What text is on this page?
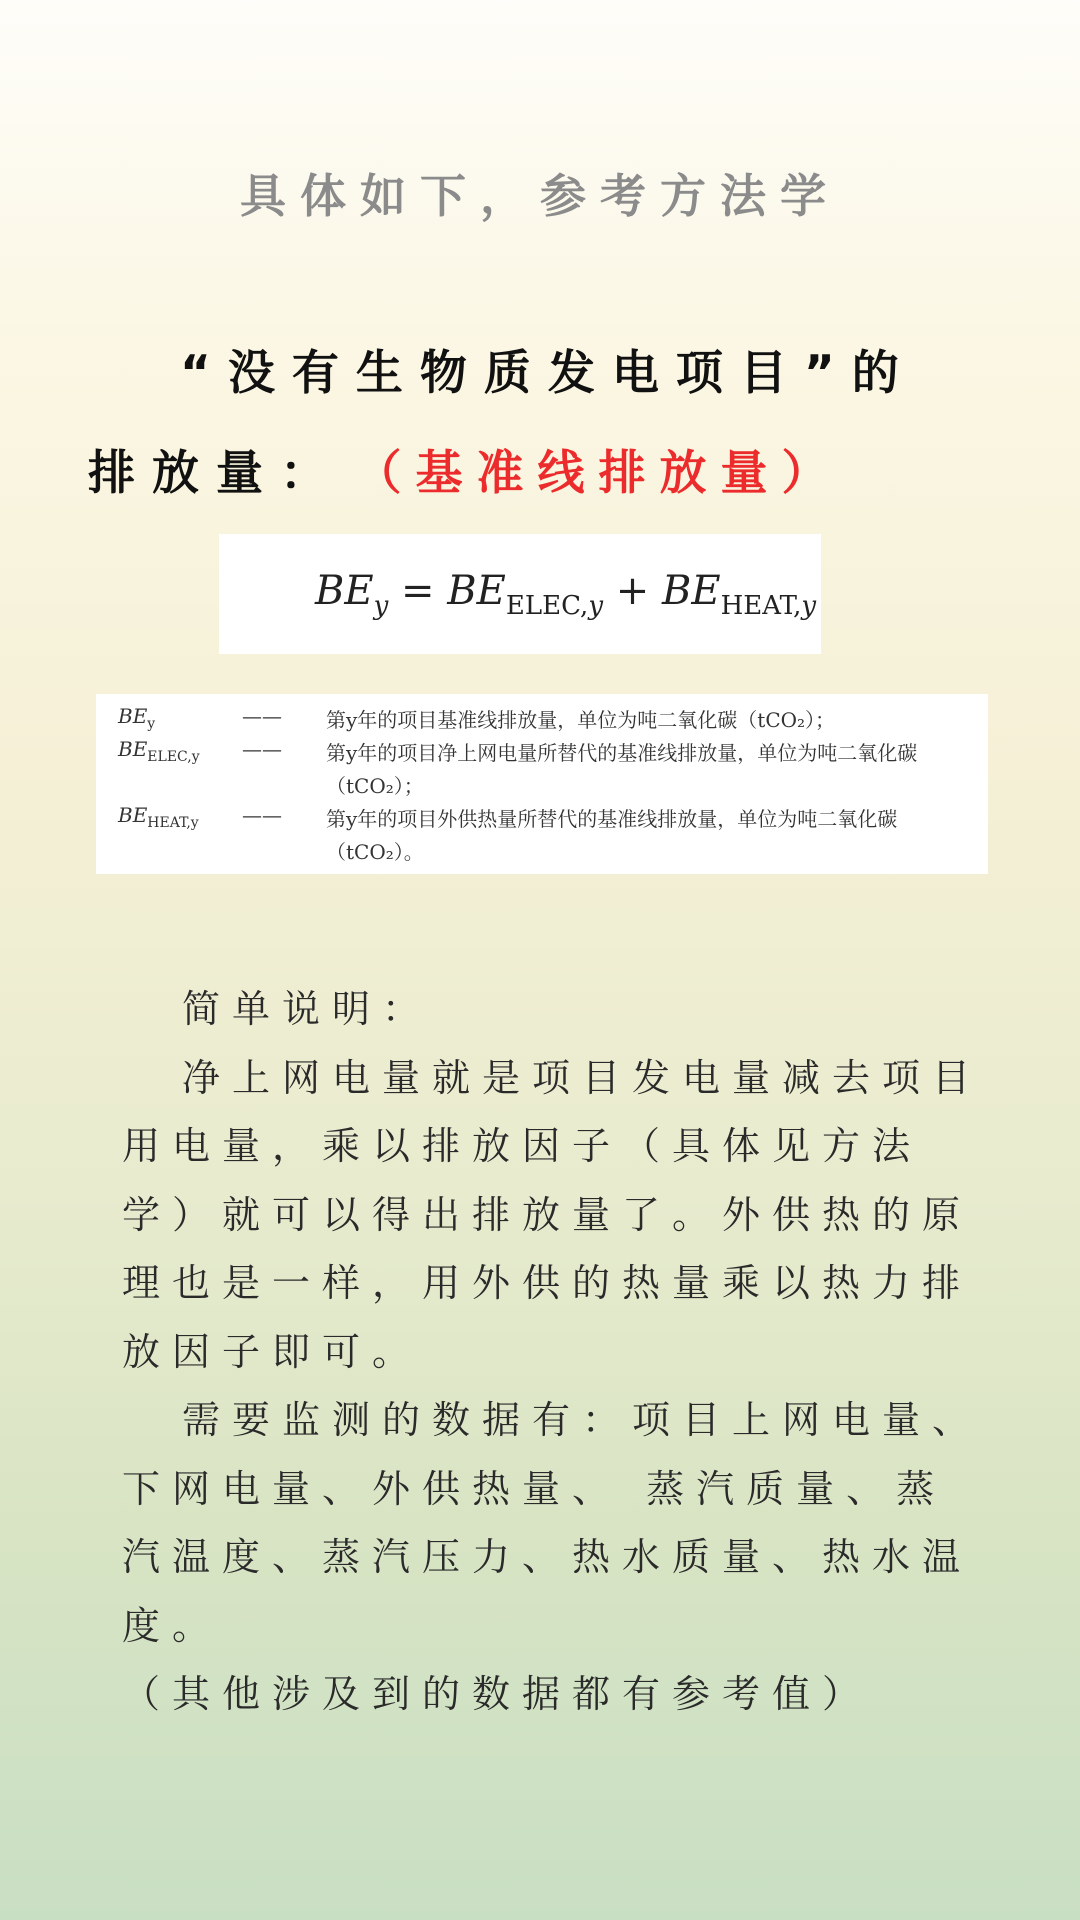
具体如下，参考方法学
“没有生物质发电项目”的
排放量： （基准线排放量）
$BE_y = BE_{ELEC,y} + BE_{HEAT,y}$
$BE_y$	—— 第y年的项目基准线排放量，单位为吨二氧化碳（tCO₂）；
$BE_{ELEC,y}$ —— 第y年的项目净上网电量所替代的基准线排放量，单位为吨二氧化碳（tCO₂）；
$BE_{HEAT,y}$ —— 第y年的项目外供热量所替代的基准线排放量，单位为吨二氧化碳（tCO₂）。

简单说明：

净上网电量就是项目发电量减去项目用电量，乘以排放因子（具体见方法学）就可以得出排放量了。外供热的原理也是一样，用外供的热量乘以热力排放因子即可。

需要监测的数据有：项目上网电量、下网电量、外供热量、 蒸汽质量、蒸汽温度、蒸汽压力、热水质量、热水温度。

（其他涉及到的数据都有参考值）
